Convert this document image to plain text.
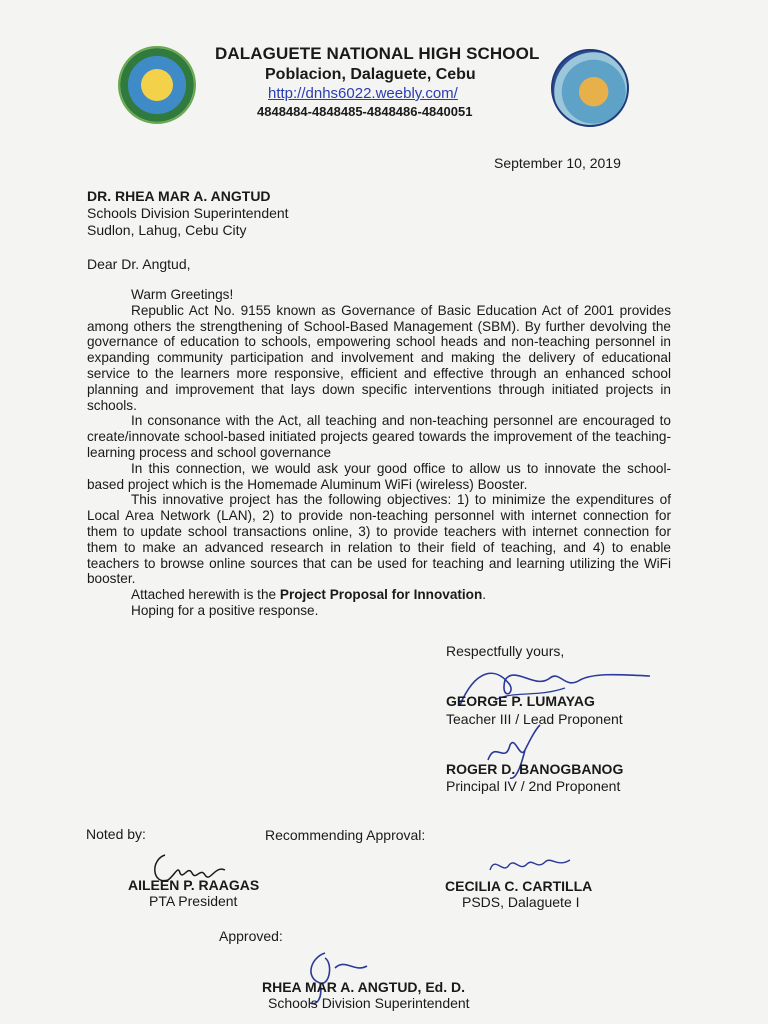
DALAGUETE NATIONAL HIGH SCHOOL
Poblacion, Dalaguete, Cebu
http://dnhs6022.weebly.com/
4848484-4848485-4848486-4840051
September 10, 2019
DR. RHEA MAR A. ANGTUD
Schools Division Superintendent
Sudlon, Lahug, Cebu City
Dear Dr. Angtud,

Warm Greetings!

Republic Act No. 9155 known as Governance of Basic Education Act of 2001 provides among others the strengthening of School-Based Management (SBM). By further devolving the governance of education to schools, empowering school heads and non-teaching personnel in expanding community participation and involvement and making the delivery of educational service to the learners more responsive, efficient and effective through an enhanced school planning and improvement that lays down specific interventions through initiated projects in schools.

In consonance with the Act, all teaching and non-teaching personnel are encouraged to create/innovate school-based initiated projects geared towards the improvement of the teaching-learning process and school governance

In this connection, we would ask your good office to allow us to innovate the school-based project which is the Homemade Aluminum WiFi (wireless) Booster.

This innovative project has the following objectives: 1) to minimize the expenditures of Local Area Network (LAN), 2) to provide non-teaching personnel with internet connection for them to update school transactions online, 3) to provide teachers with internet connection for them to make an advanced research in relation to their field of teaching, and 4) to enable teachers to browse online sources that can be used for teaching and learning utilizing the WiFi booster.

Attached herewith is the Project Proposal for Innovation.

Hoping for a positive response.

Respectfully yours,
GEORGE P. LUMAYAG
Teacher III / Lead Proponent
ROGER D. BANOGBANOG
Principal IV / 2nd Proponent
Noted by:	Recommending Approval:
AILEEN P. RAAGAS
PTA President
CECILIA C. CARTILLA
PSDS, Dalaguete I
Approved:
RHEA MAR A. ANGTUD, Ed. D.
Schools Division Superintendent
